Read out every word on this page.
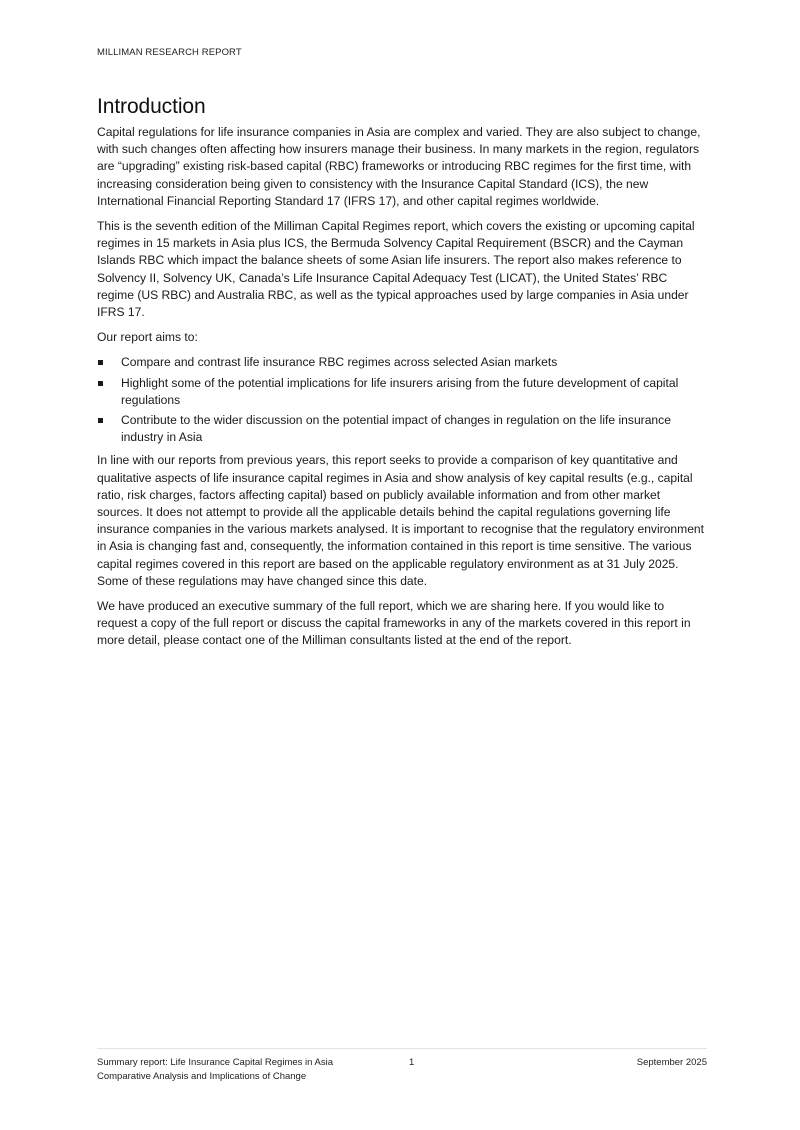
MILLIMAN RESEARCH REPORT
Introduction

Capital regulations for life insurance companies in Asia are complex and varied. They are also subject to change, with such changes often affecting how insurers manage their business. In many markets in the region, regulators are “upgrading” existing risk-based capital (RBC) frameworks or introducing RBC regimes for the first time, with increasing consideration being given to consistency with the Insurance Capital Standard (ICS), the new International Financial Reporting Standard 17 (IFRS 17), and other capital regimes worldwide.

This is the seventh edition of the Milliman Capital Regimes report, which covers the existing or upcoming capital regimes in 15 markets in Asia plus ICS, the Bermuda Solvency Capital Requirement (BSCR) and the Cayman Islands RBC which impact the balance sheets of some Asian life insurers. The report also makes reference to Solvency II, Solvency UK, Canada’s Life Insurance Capital Adequacy Test (LICAT), the United States’ RBC regime (US RBC) and Australia RBC, as well as the typical approaches used by large companies in Asia under IFRS 17.

Our report aims to:

Compare and contrast life insurance RBC regimes across selected Asian markets
Highlight some of the potential implications for life insurers arising from the future development of capital regulations
Contribute to the wider discussion on the potential impact of changes in regulation on the life insurance industry in Asia

In line with our reports from previous years, this report seeks to provide a comparison of key quantitative and qualitative aspects of life insurance capital regimes in Asia and show analysis of key capital results (e.g., capital ratio, risk charges, factors affecting capital) based on publicly available information and from other market sources. It does not attempt to provide all the applicable details behind the capital regulations governing life insurance companies in the various markets analysed. It is important to recognise that the regulatory environment in Asia is changing fast and, consequently, the information contained in this report is time sensitive. The various capital regimes covered in this report are based on the applicable regulatory environment as at 31 July 2025. Some of these regulations may have changed since this date.

We have produced an executive summary of the full report, which we are sharing here. If you would like to request a copy of the full report or discuss the capital frameworks in any of the markets covered in this report in more detail, please contact one of the Milliman consultants listed at the end of the report.

Summary report: Life Insurance Capital Regimes in Asia
Comparative Analysis and Implications of Change
1	September 2025
